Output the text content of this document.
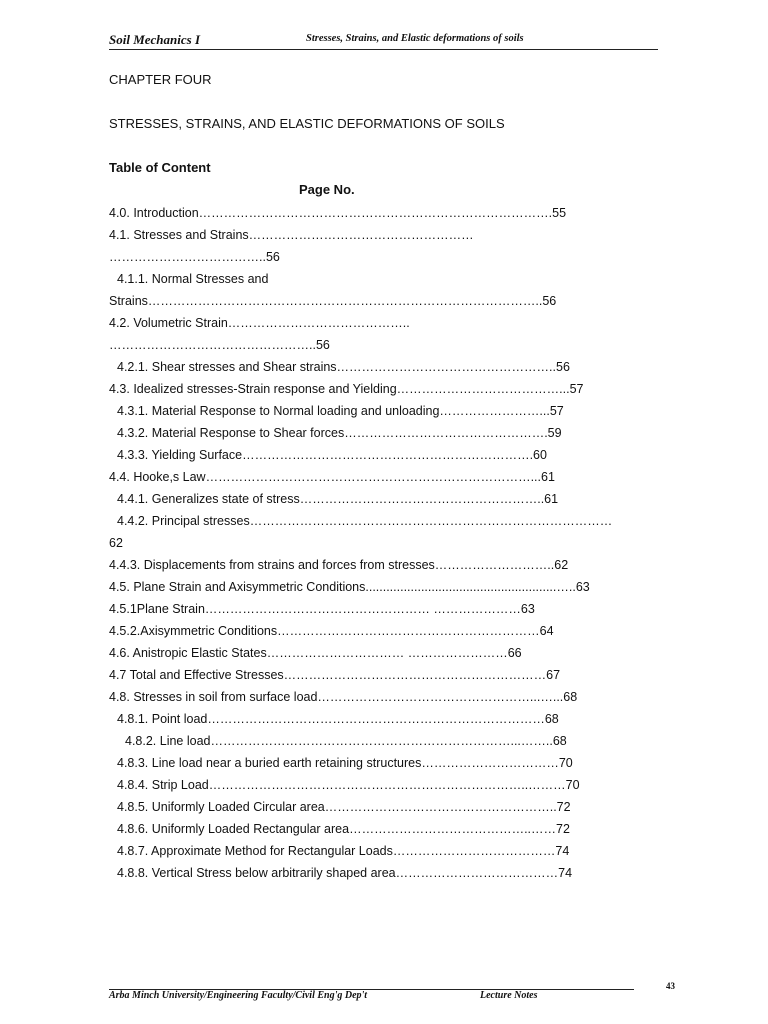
Soil Mechanics I	Stresses, Strains, and Elastic deformations of soils
CHAPTER FOUR
STRESSES, STRAINS, AND ELASTIC DEFORMATIONS OF SOILS
Table of Content
Page No.
4.0. Introduction………………………………………………………………………….55
4.1. Stresses and Strains………………………………………………
………………………………..56
4.1.1. Normal Stresses and
Strains…………………………………………………………………………………..56
4.2. Volumetric Strain……………………………………..
…………………………………………..56
4.2.1. Shear stresses and Shear strains……………………………………………..56
4.3. Idealized stresses-Strain response and Yielding…………………………………...57
4.3.1. Material Response to Normal loading and unloading……………………...57
4.3.2. Material Response to Shear forces………………………………………….59
4.3.3. Yielding Surface…………………………………………………………….60
4.4. Hooke,s Law……………………………………………………………………...61
4.4.1. Generalizes state of stress…………………………………………………..61
4.4.2. Principal stresses……………………………………………………………………………
62
4.4.3. Displacements from strains and forces from stresses………………………..62
4.5. Plane Strain and Axisymmetric Conditions.......................................................…..63
4.5.1Plane Strain……………………………………………… …………………63
4.5.2.Axisymmetric Conditions………………………………………………………64
4.6. Anistropic Elastic States…………………………… ……………………66
4.7 Total and Effective Stresses………………………………………………………67
4.8. Stresses in soil from surface load……………………………………………...…...68
4.8.1. Point load………………………………………………………………………68
4.8.2. Line load………………………………………………………………...……..68
4.8.3. Line load near a buried earth retaining structures……………………………70
4.8.4. Strip Load…………………………………………………………………..………70
4.8.5. Uniformly Loaded Circular area………………………………………………..72
4.8.6. Uniformly Loaded Rectangular area……………………………………..……72
4.8.7. Approximate Method for Rectangular Loads…………………………………74
4.8.8. Vertical Stress below arbitrarily shaped area…………………………………74
43
Arba Minch University/Engineering Faculty/Civil Eng'g Dep't	Lecture Notes
